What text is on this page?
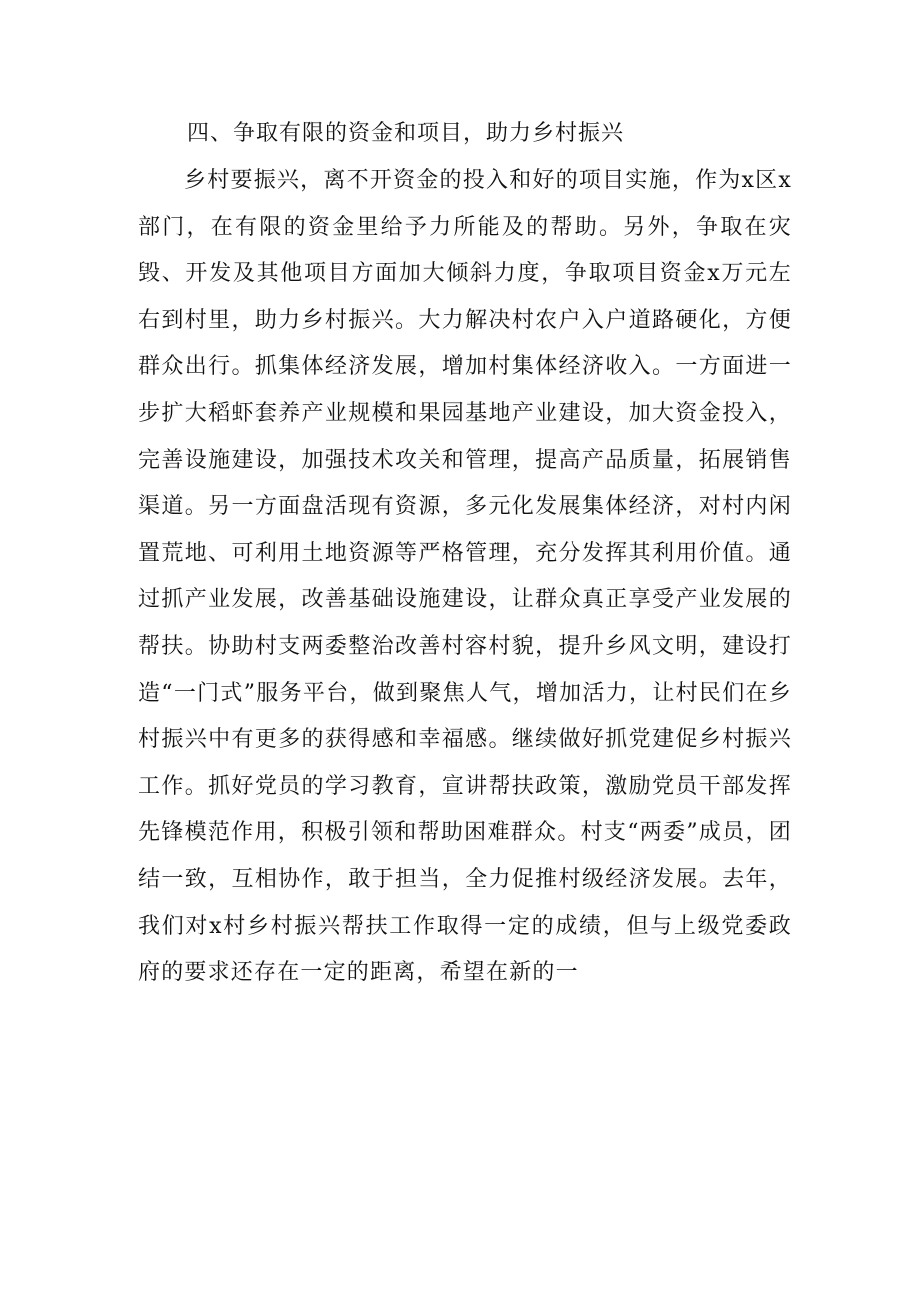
四、争取有限的资金和项目，助力乡村振兴

乡村要振兴，离不开资金的投入和好的项目实施，作为x区x部门，在有限的资金里给予力所能及的帮助。另外，争取在灾毁、开发及其他项目方面加大倾斜力度，争取项目资金x万元左右到村里，助力乡村振兴。大力解决村农户入户道路硬化，方便群众出行。抓集体经济发展，增加村集体经济收入。一方面进一步扩大稻虾套养产业规模和果园基地产业建设，加大资金投入，完善设施建设，加强技术攻关和管理，提高产品质量，拓展销售渠道。另一方面盘活现有资源，多元化发展集体经济，对村内闲置荒地、可利用土地资源等严格管理，充分发挥其利用价值。通过抓产业发展，改善基础设施建设，让群众真正享受产业发展的帮扶。协助村支两委整治改善村容村貌，提升乡风文明，建设打造“一门式”服务平台，做到聚焦人气，增加活力，让村民们在乡村振兴中有更多的获得感和幸福感。继续做好抓党建促乡村振兴工作。抓好党员的学习教育，宣讲帮扶政策，激励党员干部发挥先锋模范作用，积极引领和帮助困难群众。村支“两委”成员，团结一致，互相协作，敢于担当，全力促推村级经济发展。去年，我们对x村乡村振兴帮扶工作取得一定的成绩，但与上级党委政府的要求还存在一定的距离，希望在新的一
